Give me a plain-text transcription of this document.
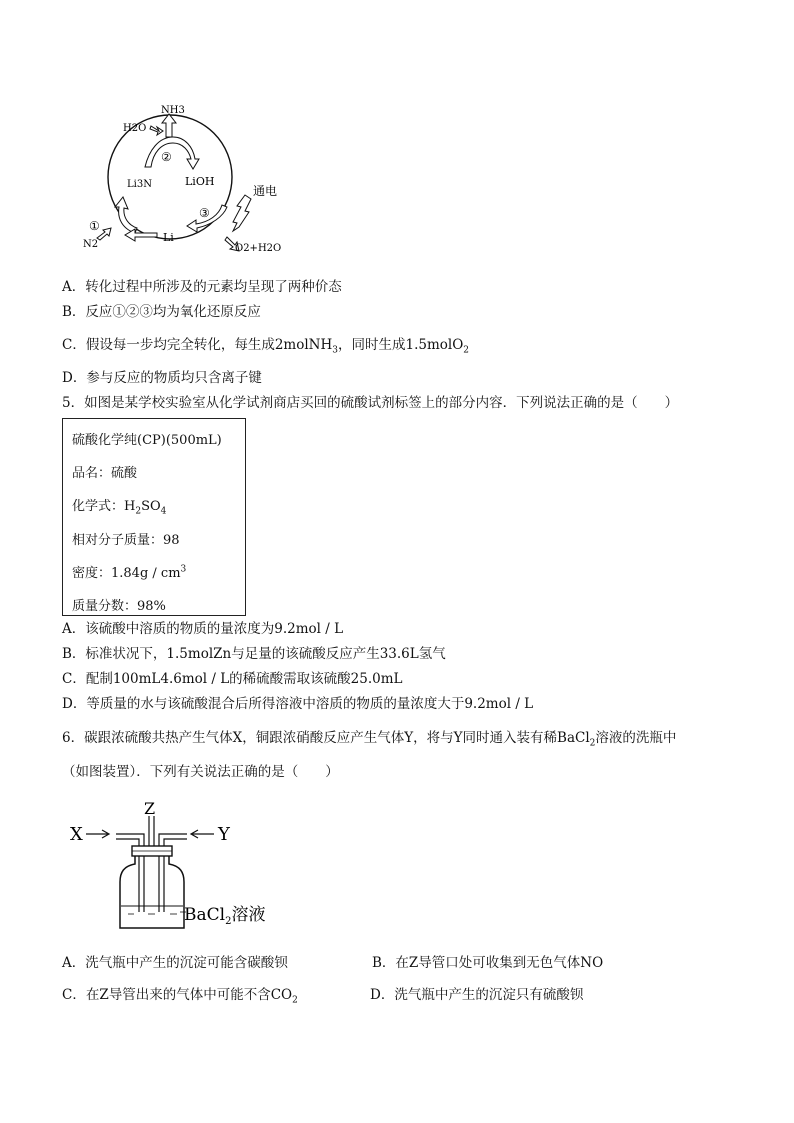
NH3
H2O
②
Li3N	LiOH
通电
①
③
N2
Li
O2+H2O
A．转化过程中所涉及的元素均呈现了两种价态
B．反应①②③均为氧化还原反应
C．假设每一步均完全转化，每生成2molNH$_3$，同时生成1.5molO$_2$
D．参与反应的物质均只含离子键
5．如图是某学校实验室从化学试剂商店买回的硫酸试剂标签上的部分内容．下列说法正确的是（　　）
硫酸化学纯(CP)(500mL)
品名：硫酸
化学式：$H_2SO_4$
相对分子质量：98
密度：$1.84g / cm^3$
质量分数：98%
A．该硫酸中溶质的物质的量浓度为9.2mol / L
B．标准状况下，1.5molZn与足量的该硫酸反应产生33.6L氢气
C．配制100mL4.6mol / L的稀硫酸需取该硫酸25.0mL
D．等质量的水与该硫酸混合后所得溶液中溶质的物质的量浓度大于9.2mol / L
6．碳跟浓硫酸共热产生气体X，铜跟浓硝酸反应产生气体Y，将与Y同时通入装有稀BaCl$_2$溶液的洗瓶中
（如图装置）．下列有关说法正确的是（　　）
X	Y
Z
BaCl$_2$溶液
A．洗气瓶中产生的沉淀可能含碳酸钡	B．在Z导管口处可收集到无色气体NO
C．在Z导管出来的气体中可能不含$CO_2$	D．洗气瓶中产生的沉淀只有硫酸钡
